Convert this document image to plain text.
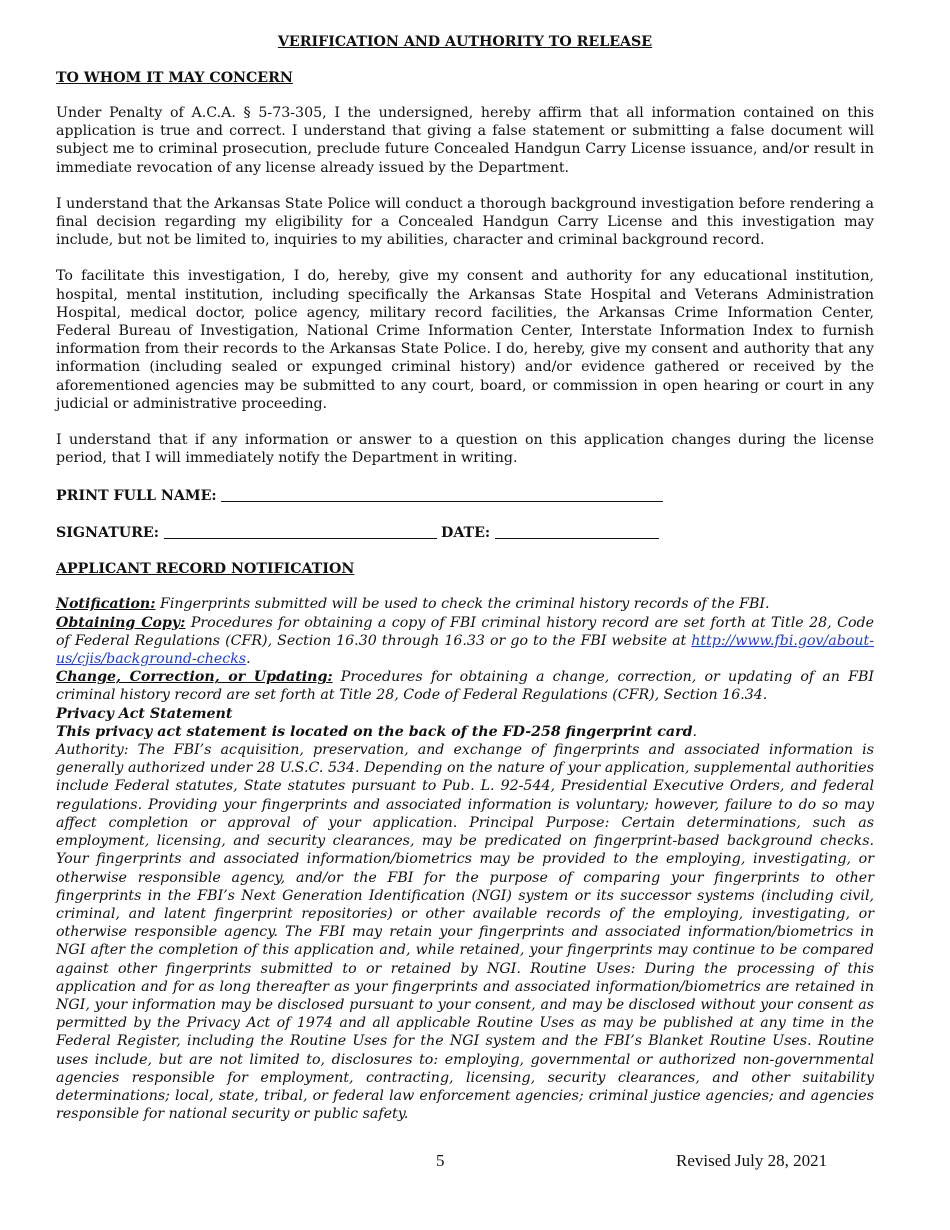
VERIFICATION AND AUTHORITY TO RELEASE
TO WHOM IT MAY CONCERN

Under Penalty of A.C.A. § 5-73-305, I the undersigned, hereby affirm that all information contained on this application is true and correct. I understand that giving a false statement or submitting a false document will subject me to criminal prosecution, preclude future Concealed Handgun Carry License issuance, and/or result in immediate revocation of any license already issued by the Department.

I understand that the Arkansas State Police will conduct a thorough background investigation before rendering a final decision regarding my eligibility for a Concealed Handgun Carry License and this investigation may include, but not be limited to, inquiries to my abilities, character and criminal background record.

To facilitate this investigation, I do, hereby, give my consent and authority for any educational institution, hospital, mental institution, including specifically the Arkansas State Hospital and Veterans Administration Hospital, medical doctor, police agency, military record facilities, the Arkansas Crime Information Center, Federal Bureau of Investigation, National Crime Information Center, Interstate Information Index to furnish information from their records to the Arkansas State Police. I do, hereby, give my consent and authority that any information (including sealed or expunged criminal history) and/or evidence gathered or received by the aforementioned agencies may be submitted to any court, board, or commission in open hearing or court in any judicial or administrative proceeding.

I understand that if any information or answer to a question on this application changes during the license period, that I will immediately notify the Department in writing.

PRINT FULL NAME:
SIGNATURE:	DATE:
APPLICANT RECORD NOTIFICATION

Notification: Fingerprints submitted will be used to check the criminal history records of the FBI.

Obtaining Copy: Procedures for obtaining a copy of FBI criminal history record are set forth at Title 28, Code of Federal Regulations (CFR), Section 16.30 through 16.33 or go to the FBI website at http://www.fbi.gov/about-us/cjis/background-checks.

Change, Correction, or Updating: Procedures for obtaining a change, correction, or updating of an FBI criminal history record are set forth at Title 28, Code of Federal Regulations (CFR), Section 16.34.

Privacy Act Statement

This privacy act statement is located on the back of the FD-258 fingerprint card.

Authority: The FBI’s acquisition, preservation, and exchange of fingerprints and associated information is generally authorized under 28 U.S.C. 534. Depending on the nature of your application, supplemental authorities include Federal statutes, State statutes pursuant to Pub. L. 92-544, Presidential Executive Orders, and federal regulations. Providing your fingerprints and associated information is voluntary; however, failure to do so may affect completion or approval of your application. Principal Purpose: Certain determinations, such as employment, licensing, and security clearances, may be predicated on fingerprint-based background checks. Your fingerprints and associated information/biometrics may be provided to the employing, investigating, or otherwise responsible agency, and/or the FBI for the purpose of comparing your fingerprints to other fingerprints in the FBI’s Next Generation Identification (NGI) system or its successor systems (including civil, criminal, and latent fingerprint repositories) or other available records of the employing, investigating, or otherwise responsible agency. The FBI may retain your fingerprints and associated information/biometrics in NGI after the completion of this application and, while retained, your fingerprints may continue to be compared against other fingerprints submitted to or retained by NGI. Routine Uses: During the processing of this application and for as long thereafter as your fingerprints and associated information/biometrics are retained in NGI, your information may be disclosed pursuant to your consent, and may be disclosed without your consent as permitted by the Privacy Act of 1974 and all applicable Routine Uses as may be published at any time in the Federal Register, including the Routine Uses for the NGI system and the FBI’s Blanket Routine Uses. Routine uses include, but are not limited to, disclosures to: employing, governmental or authorized non-governmental agencies responsible for employment, contracting, licensing, security clearances, and other suitability determinations; local, state, tribal, or federal law enforcement agencies; criminal justice agencies; and agencies responsible for national security or public safety.

5	Revised July 28, 2021
